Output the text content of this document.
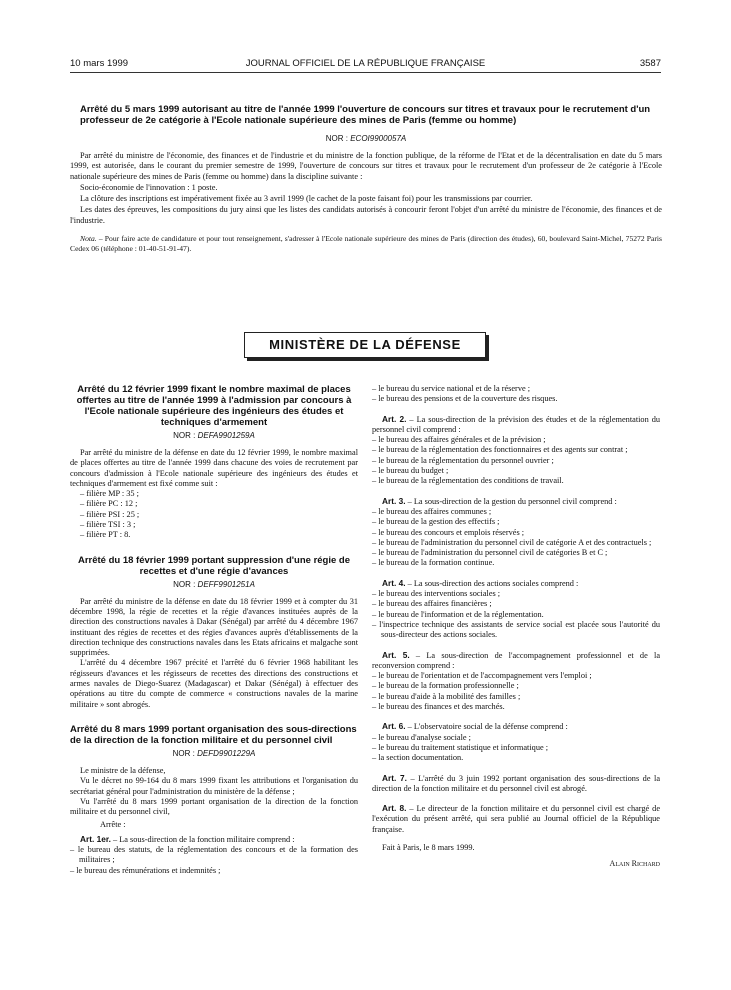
10 mars 1999	JOURNAL OFFICIEL DE LA RÉPUBLIQUE FRANÇAISE	3587
Arrêté du 5 mars 1999 autorisant au titre de l'année 1999 l'ouverture de concours sur titres et travaux pour le recrutement d'un professeur de 2e catégorie à l'Ecole nationale supérieure des mines de Paris (femme ou homme)
NOR : ECOI9900057A

Par arrêté du ministre de l'économie, des finances et de l'industrie et du ministre de la fonction publique, de la réforme de l'Etat et de la décentralisation en date du 5 mars 1999, est autorisée, dans le courant du premier semestre de 1999, l'ouverture de concours sur titres et travaux pour le recrutement d'un professeur de 2e catégorie à l'Ecole nationale supérieure des mines de Paris (femme ou homme) dans la discipline suivante :

Socio-économie de l'innovation : 1 poste.

La clôture des inscriptions est impérativement fixée au 3 avril 1999 (le cachet de la poste faisant foi) pour les transmissions par courrier.

Les dates des épreuves, les compositions du jury ainsi que les listes des candidats autorisés à concourir feront l'objet d'un arrêté du ministre de l'économie, des finances et de l'industrie.

Nota. – Pour faire acte de candidature et pour tout renseignement, s'adresser à l'Ecole nationale supérieure des mines de Paris (direction des études), 60, boulevard Saint-Michel, 75272 Paris Cedex 06 (téléphone : 01-40-51-91-47).

MINISTÈRE DE LA DÉFENSE
Arrêté du 12 février 1999 fixant le nombre maximal de places offertes au titre de l'année 1999 à l'admission par concours à l'Ecole nationale supérieure des ingénieurs des études et techniques d'armement
NOR : DEFA9901259A

Par arrêté du ministre de la défense en date du 12 février 1999, le nombre maximal de places offertes au titre de l'année 1999 dans chacune des voies de recrutement par concours d'admission à l'Ecole nationale supérieure des ingénieurs des études et techniques d'armement est fixé comme suit :

– filière MP : 35 ;

– filière PC : 12 ;

– filière PSI : 25 ;

– filière TSI : 3 ;

– filière PT : 8.

Arrêté du 18 février 1999 portant suppression d'une régie de recettes et d'une régie d'avances
NOR : DEFF9901251A

Par arrêté du ministre de la défense en date du 18 février 1999 et à compter du 31 décembre 1998, la régie de recettes et la régie d'avances instituées auprès de la direction des constructions navales à Dakar (Sénégal) par arrêté du 4 décembre 1967 instituant des régies de recettes et des régies d'avances auprès d'établissements de la direction technique des constructions navales dans les Etats africains et malgache sont supprimées.

L'arrêté du 4 décembre 1967 précité et l'arrêté du 6 février 1968 habilitant les régisseurs d'avances et les régisseurs de recettes des directions des constructions et armes navales de Diego-Suarez (Madagascar) et Dakar (Sénégal) à effectuer des opérations au titre du compte de commerce « constructions navales de la marine militaire » sont abrogés.

Arrêté du 8 mars 1999 portant organisation des sous-directions de la direction de la fonction militaire et du personnel civil
NOR : DEFD9901229A

Le ministre de la défense,

Vu le décret no 99-164 du 8 mars 1999 fixant les attributions et l'organisation du secrétariat général pour l'administration du ministère de la défense ;

Vu l'arrêté du 8 mars 1999 portant organisation de la direction de la fonction militaire et du personnel civil,

Arrête :

Art. 1er. – La sous-direction de la fonction militaire comprend :

– le bureau des statuts, de la réglementation des concours et de la formation des militaires ;

– le bureau des rémunérations et indemnités ;

– le bureau du service national et de la réserve ;

– le bureau des pensions et de la couverture des risques.

Art. 2. – La sous-direction de la prévision des études et de la réglementation du personnel civil comprend :

– le bureau des affaires générales et de la prévision ;

– le bureau de la réglementation des fonctionnaires et des agents sur contrat ;

– le bureau de la réglementation du personnel ouvrier ;

– le bureau du budget ;

– le bureau de la réglementation des conditions de travail.

Art. 3. – La sous-direction de la gestion du personnel civil comprend :

– le bureau des affaires communes ;

– le bureau de la gestion des effectifs ;

– le bureau des concours et emplois réservés ;

– le bureau de l'administration du personnel civil de catégorie A et des contractuels ;

– le bureau de l'administration du personnel civil de catégories B et C ;

– le bureau de la formation continue.

Art. 4. – La sous-direction des actions sociales comprend :

– le bureau des interventions sociales ;

– le bureau des affaires financières ;

– le bureau de l'information et de la réglementation.

– l'inspectrice technique des assistants de service social est placée sous l'autorité du sous-directeur des actions sociales.

Art. 5. – La sous-direction de l'accompagnement professionnel et de la reconversion comprend :

– le bureau de l'orientation et de l'accompagnement vers l'emploi ;

– le bureau de la formation professionnelle ;

– le bureau d'aide à la mobilité des familles ;

– le bureau des finances et des marchés.

Art. 6. – L'observatoire social de la défense comprend :

– le bureau d'analyse sociale ;

– le bureau du traitement statistique et informatique ;

– la section documentation.

Art. 7. – L'arrêté du 3 juin 1992 portant organisation des sous-directions de la direction de la fonction militaire et du personnel civil est abrogé.

Art. 8. – Le directeur de la fonction militaire et du personnel civil est chargé de l'exécution du présent arrêté, qui sera publié au Journal officiel de la République française.

Fait à Paris, le 8 mars 1999.

Alain Richard
